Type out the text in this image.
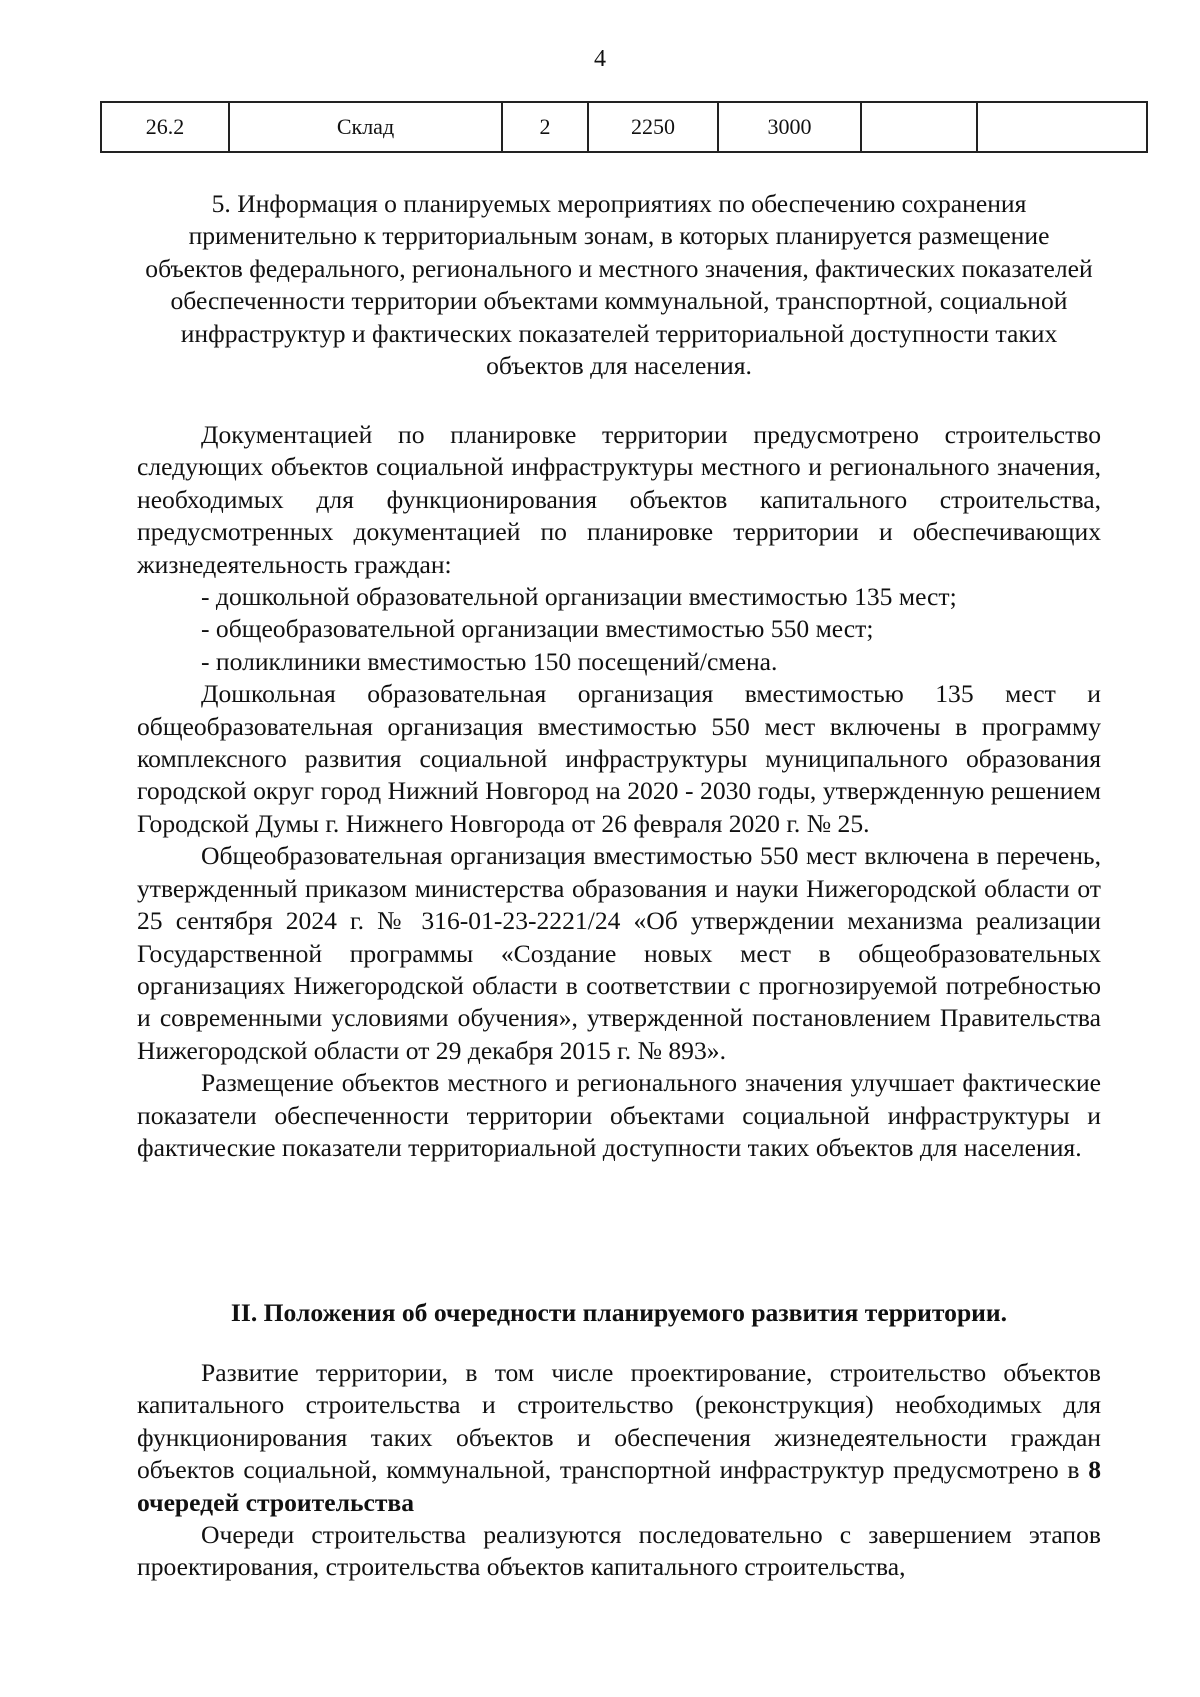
4
26.2	Склад	2	2250	3000		
5. Информация о планируемых мероприятиях по обеспечению сохранения применительно к территориальным зонам, в которых планируется размещение объектов федерального, регионального и местного значения, фактических показателей обеспеченности территории объектами коммунальной, транспортной, социальной инфраструктур и фактических показателей территориальной доступности таких объектов для населения.

Документацией по планировке территории предусмотрено строительство следующих объектов социальной инфраструктуры местного и регионального значения, необходимых для функционирования объектов капитального строительства, предусмотренных документацией по планировке территории и обеспечивающих жизнедеятельность граждан:

- дошкольной образовательной организации вместимостью 135 мест;

- общеобразовательной организации вместимостью 550 мест;

- поликлиники вместимостью 150 посещений/смена.

Дошкольная образовательная организация вместимостью 135 мест и общеобразовательная организация вместимостью 550 мест включены в программу комплексного развития социальной инфраструктуры муниципального образования городской округ город Нижний Новгород на 2020 - 2030 годы, утвержденную решением Городской Думы г. Нижнего Новгорода от 26 февраля 2020 г. № 25.

Общеобразовательная организация вместимостью 550 мест включена в перечень, утвержденный приказом министерства образования и науки Нижегородской области от 25 сентября 2024 г. № 316-01-23-2221/24 «Об утверждении механизма реализации Государственной программы «Создание новых мест в общеобразовательных организациях Нижегородской области в соответствии с прогнозируемой потребностью и современными условиями обучения», утвержденной постановлением Правительства Нижегородской области от 29 декабря 2015 г. № 893».

Размещение объектов местного и регионального значения улучшает фактические показатели обеспеченности территории объектами социальной инфраструктуры и фактические показатели территориальной доступности таких объектов для населения.

II. Положения об очередности планируемого развития территории.

Развитие территории, в том числе проектирование, строительство объектов капитального строительства и строительство (реконструкция) необходимых для функционирования таких объектов и обеспечения жизнедеятельности граждан объектов социальной, коммунальной, транспортной инфраструктур предусмотрено в 8 очередей строительства

Очереди строительства реализуются последовательно с завершением этапов проектирования, строительства объектов капитального строительства,
